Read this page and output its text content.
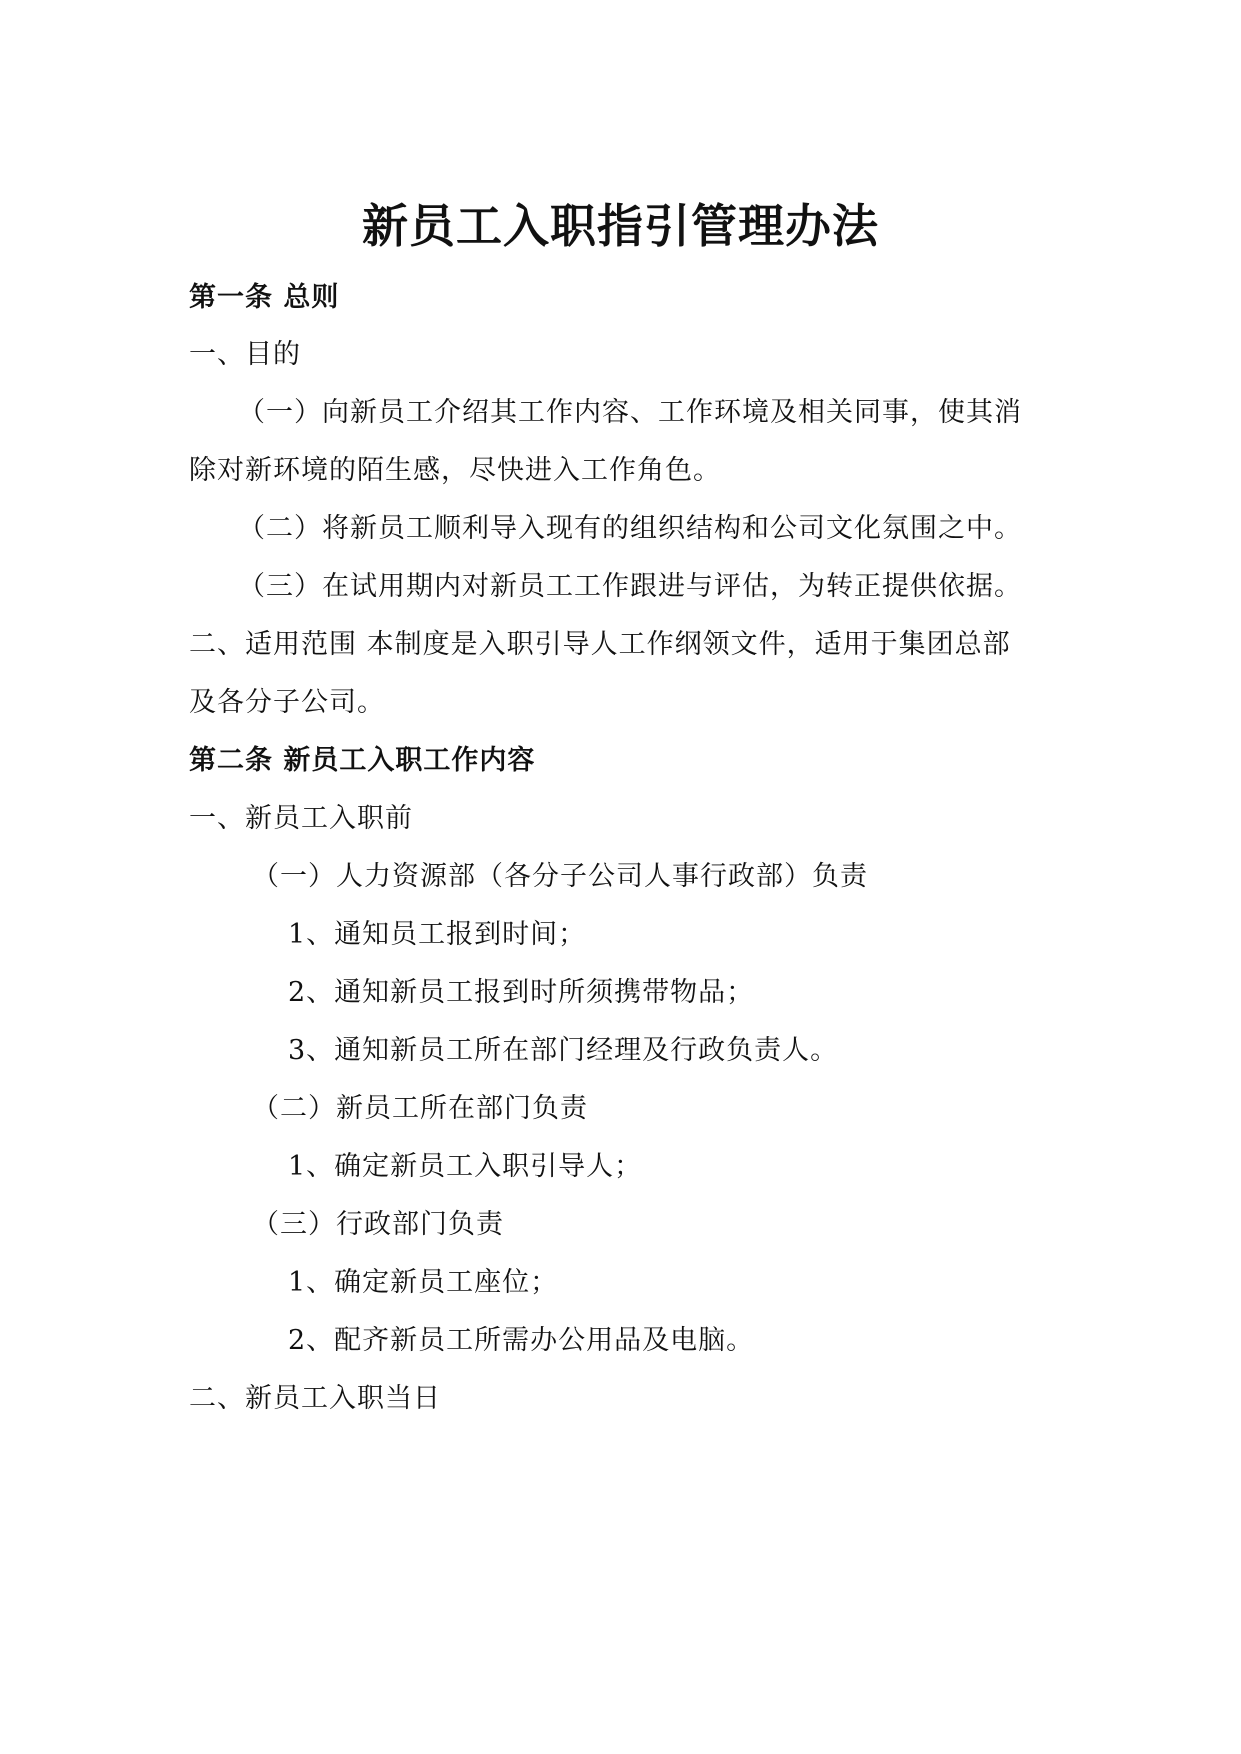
新员工入职指引管理办法
第一条 总则
一、目的
（一）向新员工介绍其工作内容、工作环境及相关同事，使其消
除对新环境的陌生感，尽快进入工作角色。
（二）将新员工顺利导入现有的组织结构和公司文化氛围之中。
（三）在试用期内对新员工工作跟进与评估，为转正提供依据。
二、适用范围 本制度是入职引导人工作纲领文件，适用于集团总部
及各分子公司。
第二条 新员工入职工作内容
一、新员工入职前
（一）人力资源部（各分子公司人事行政部）负责
1、通知员工报到时间；
2、通知新员工报到时所须携带物品；
3、通知新员工所在部门经理及行政负责人。
（二）新员工所在部门负责
1、确定新员工入职引导人；
（三）行政部门负责
1、确定新员工座位；
2、配齐新员工所需办公用品及电脑。
二、新员工入职当日
